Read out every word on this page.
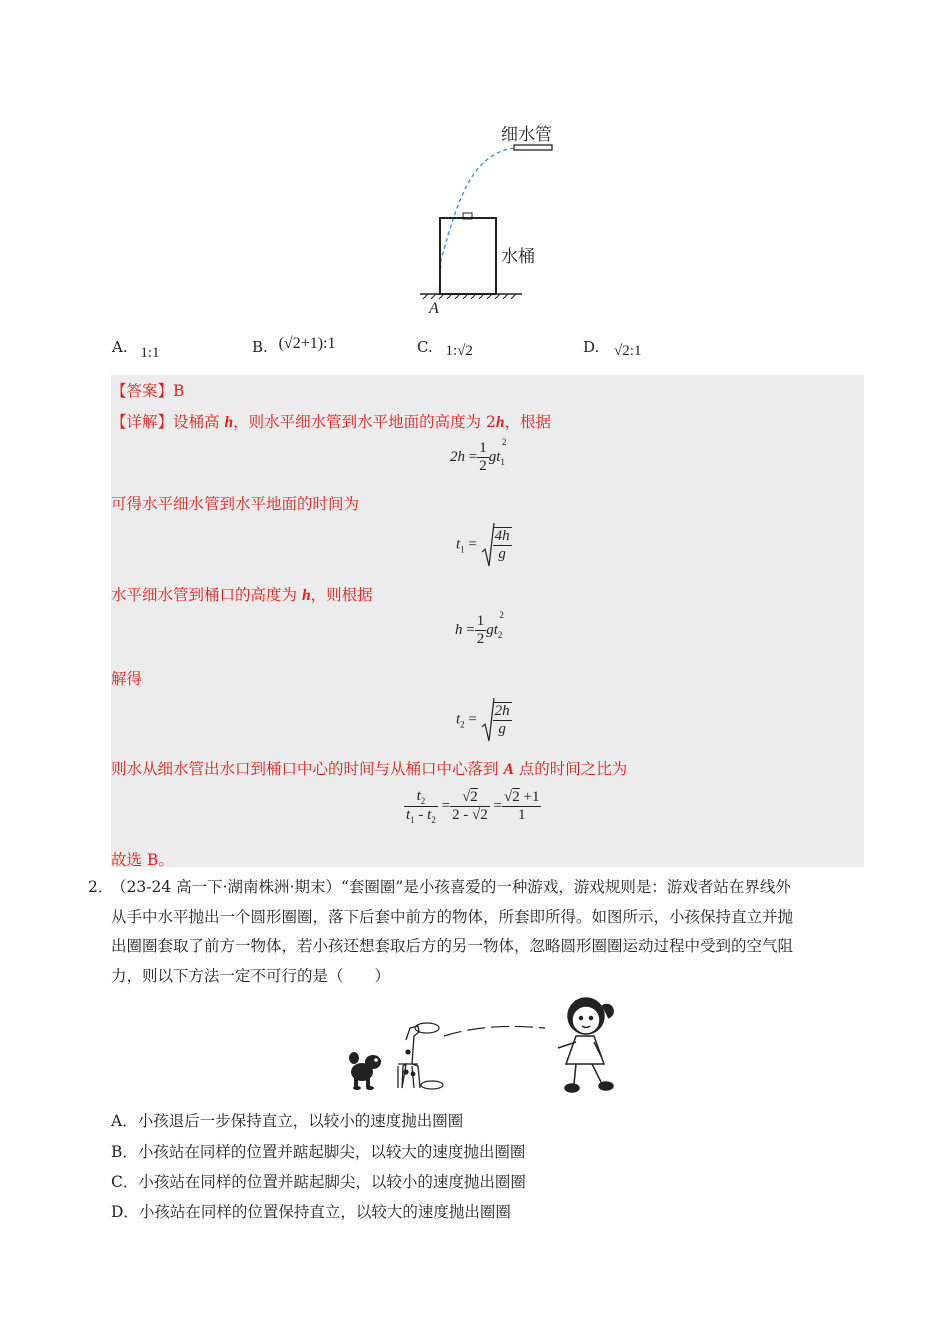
细水管
水桶
A
A. 1:1	B. (√2+1):1	C. 1:√2	D. √2:1
【答案】B
【详解】设桶高 h，则水平细水管到水平地面的高度为 2h，根据
$2h = \frac{1}{2} gt_1^2$
可得水平细水管到水平地面的时间为
$t_1 = \frac{4h}{g}$
水平细水管到桶口的高度为 h，则根据
$h = \frac{1}{2} gt_2^2$
解得
$t_2 = \frac{2h}{g}$
则水从细水管出水口到桶口中心的时间与从桶口中心落到 A 点的时间之比为
$\frac{t_2}{t_1 - t_2} = \frac{√2}{2 - √2} = \frac{√2 +1}{1}$
故选 B。
2．
（23-24 高一下·湖南株洲·期末）“套圈圈”是小孩喜爱的一种游戏，游戏规则是：游戏者站在界线外
从手中水平抛出一个圆形圈圈，落下后套中前方的物体，所套即所得。如图所示，小孩保持直立并抛
出圈圈套取了前方一物体，若小孩还想套取后方的另一物体，忽略圆形圈圈运动过程中受到的空气阻
力，则以下方法一定不可行的是（　　）
A．小孩退后一步保持直立，以较小的速度抛出圈圈
B．小孩站在同样的位置并踮起脚尖，以较大的速度抛出圈圈
C．小孩站在同样的位置并踮起脚尖，以较小的速度抛出圈圈
D．小孩站在同样的位置保持直立，以较大的速度抛出圈圈
